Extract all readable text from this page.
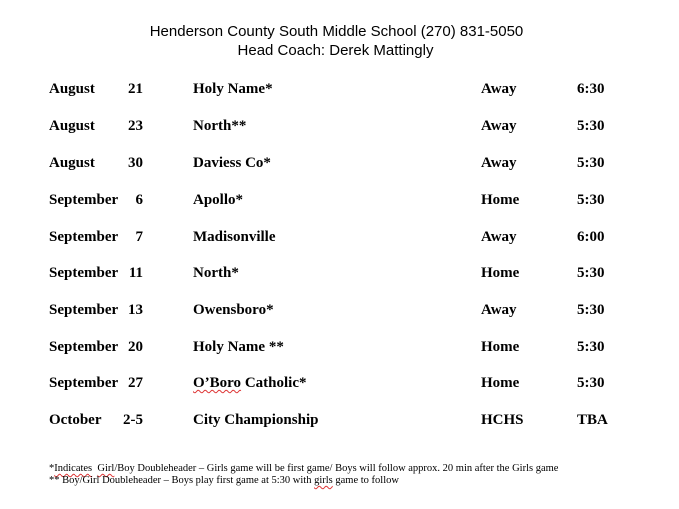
Henderson County South Middle School (270) 831-5050
Head Coach: Derek Mattingly
August	21	Holy Name*	Away	6:30
August	23	North**	Away	5:30
August	30	Daviess Co*	Away	5:30
September	6	Apollo*	Home	5:30
September	7	Madisonville	Away	6:00
September 11	North*	Home	5:30
September 13	Owensboro*	Away	5:30
September 20	Holy Name **	Home	5:30
September 27	O’Boro Catholic*	Home	5:30
October	2-5	City Championship	HCHS	TBA
*Indicates Girl/Boy Doubleheader – Girls game will be first game/ Boys will follow approx. 20 min after the Girls game
** Boy/Girl Doubleheader – Boys play first game at 5:30 with girls game to follow
